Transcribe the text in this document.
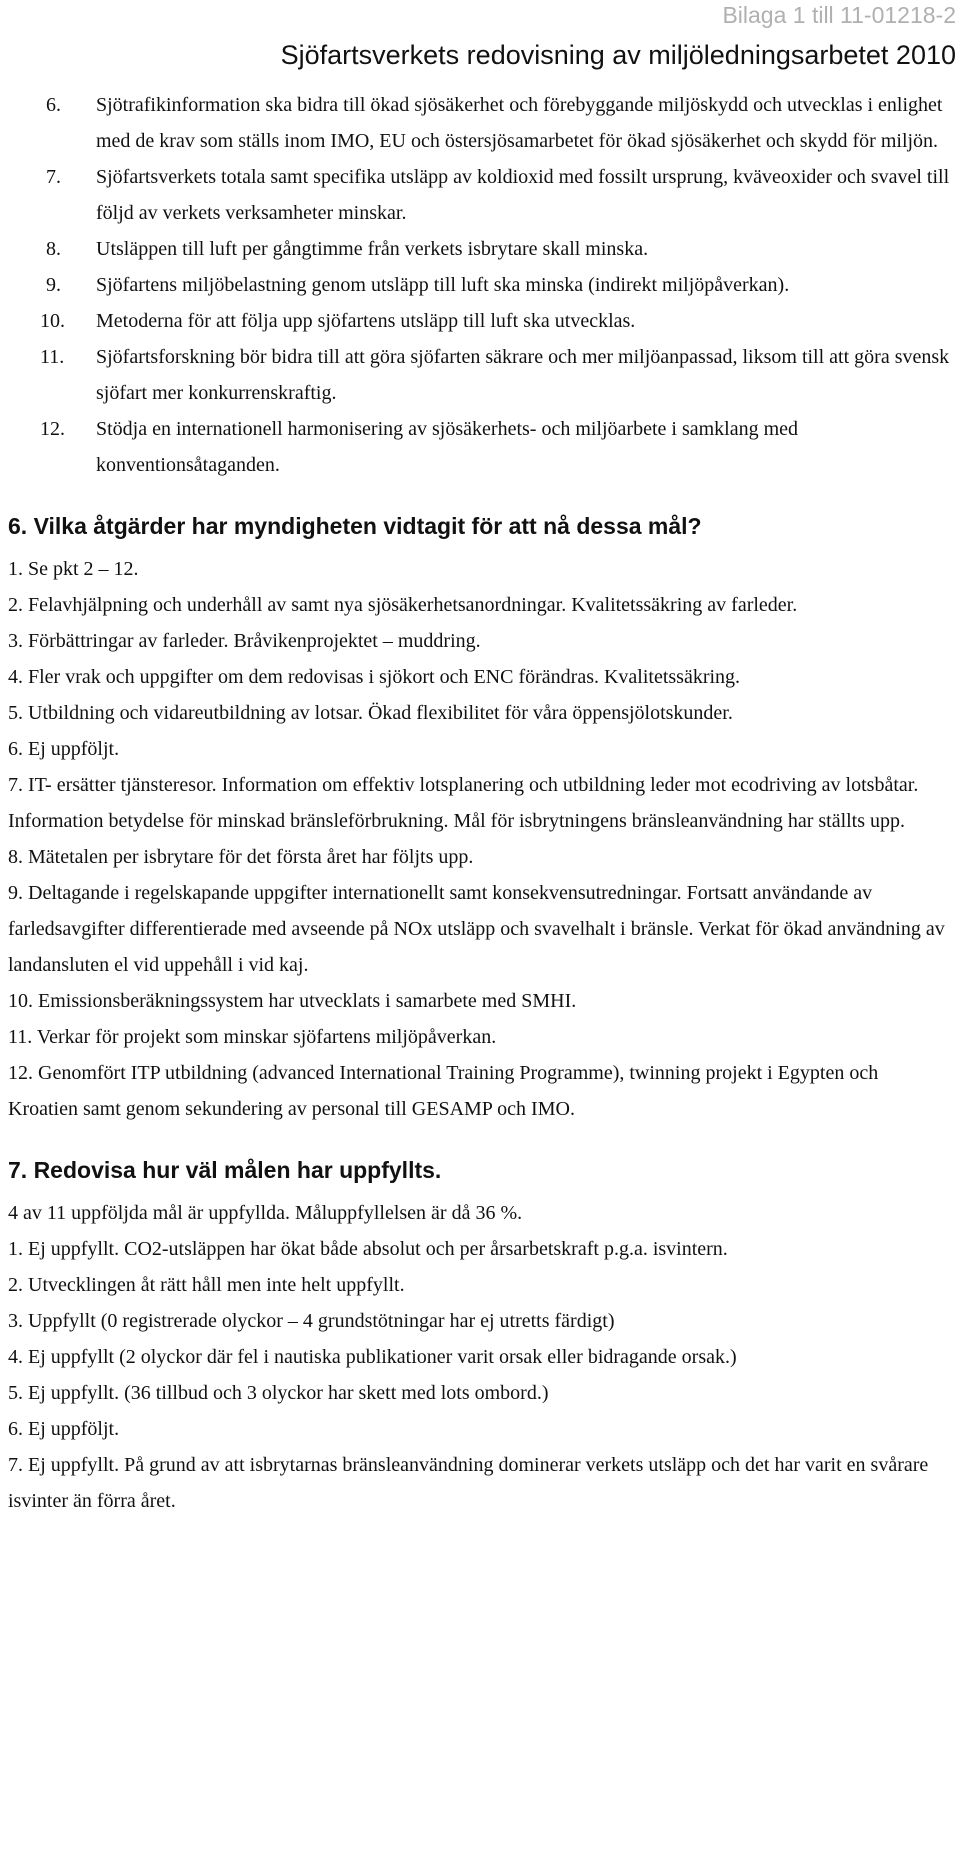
Bilaga 1 till 11-01218-2
Sjöfartsverkets redovisning av miljöledningsarbetet 2010
6. Sjötrafikinformation ska bidra till ökad sjösäkerhet och förebyggande miljöskydd och utvecklas i enlighet med de krav som ställs inom IMO, EU och östersjösamarbetet för ökad sjösäkerhet och skydd för miljön.
7. Sjöfartsverkets totala samt specifika utsläpp av koldioxid med fossilt ursprung, kväveoxider och svavel till följd av verkets verksamheter minskar.
8. Utsläppen till luft per gångtimme från verkets isbrytare skall minska.
9. Sjöfartens miljöbelastning genom utsläpp till luft ska minska (indirekt miljöpåverkan).
10. Metoderna för att följa upp sjöfartens utsläpp till luft ska utvecklas.
11. Sjöfartsforskning bör bidra till att göra sjöfarten säkrare och mer miljöanpassad, liksom till att göra svensk sjöfart mer konkurrenskraftig.
12. Stödja en internationell harmonisering av sjösäkerhets- och miljöarbete i samklang med konventionsåtaganden.
6. Vilka åtgärder har myndigheten vidtagit för att nå dessa mål?

1. Se pkt 2 – 12.

2. Felavhjälpning och underhåll av samt nya sjösäkerhetsanordningar. Kvalitetssäkring av farleder.

3. Förbättringar av farleder. Bråvikenprojektet – muddring.

4. Fler vrak och uppgifter om dem redovisas i sjökort och ENC förändras. Kvalitetssäkring.

5. Utbildning och vidareutbildning av lotsar. Ökad flexibilitet för våra öppensjölotskunder.

6. Ej uppföljt.

7. IT- ersätter tjänsteresor. Information om effektiv lotsplanering och utbildning leder mot ecodriving av lotsbåtar. Information betydelse för minskad bränsleförbrukning. Mål för isbrytningens bränsleanvändning har ställts upp.

8. Mätetalen per isbrytare för det första året har följts upp.

9. Deltagande i regelskapande uppgifter internationellt samt konsekvensutredningar. Fortsatt användande av farledsavgifter differentierade med avseende på NOx utsläpp och svavelhalt i bränsle. Verkat för ökad användning av landansluten el vid uppehåll i vid kaj.

10. Emissionsberäkningssystem har utvecklats i samarbete med SMHI.

11. Verkar för projekt som minskar sjöfartens miljöpåverkan.

12. Genomfört ITP utbildning (advanced International Training Programme), twinning projekt i Egypten och Kroatien samt genom sekundering av personal till GESAMP och IMO.

7. Redovisa hur väl målen har uppfyllts.

4 av 11 uppföljda mål är uppfyllda. Måluppfyllelsen är då 36 %.

1. Ej uppfyllt. CO2-utsläppen har ökat både absolut och per årsarbetskraft p.g.a. isvintern.

2. Utvecklingen åt rätt håll men inte helt uppfyllt.

3. Uppfyllt (0 registrerade olyckor – 4 grundstötningar har ej utretts färdigt)

4. Ej uppfyllt (2 olyckor där fel i nautiska publikationer varit orsak eller bidragande orsak.)

5. Ej uppfyllt. (36 tillbud och 3 olyckor har skett med lots ombord.)

6. Ej uppföljt.

7. Ej uppfyllt. På grund av att isbrytarnas bränsleanvändning dominerar verkets utsläpp och det har varit en svårare isvinter än förra året.
